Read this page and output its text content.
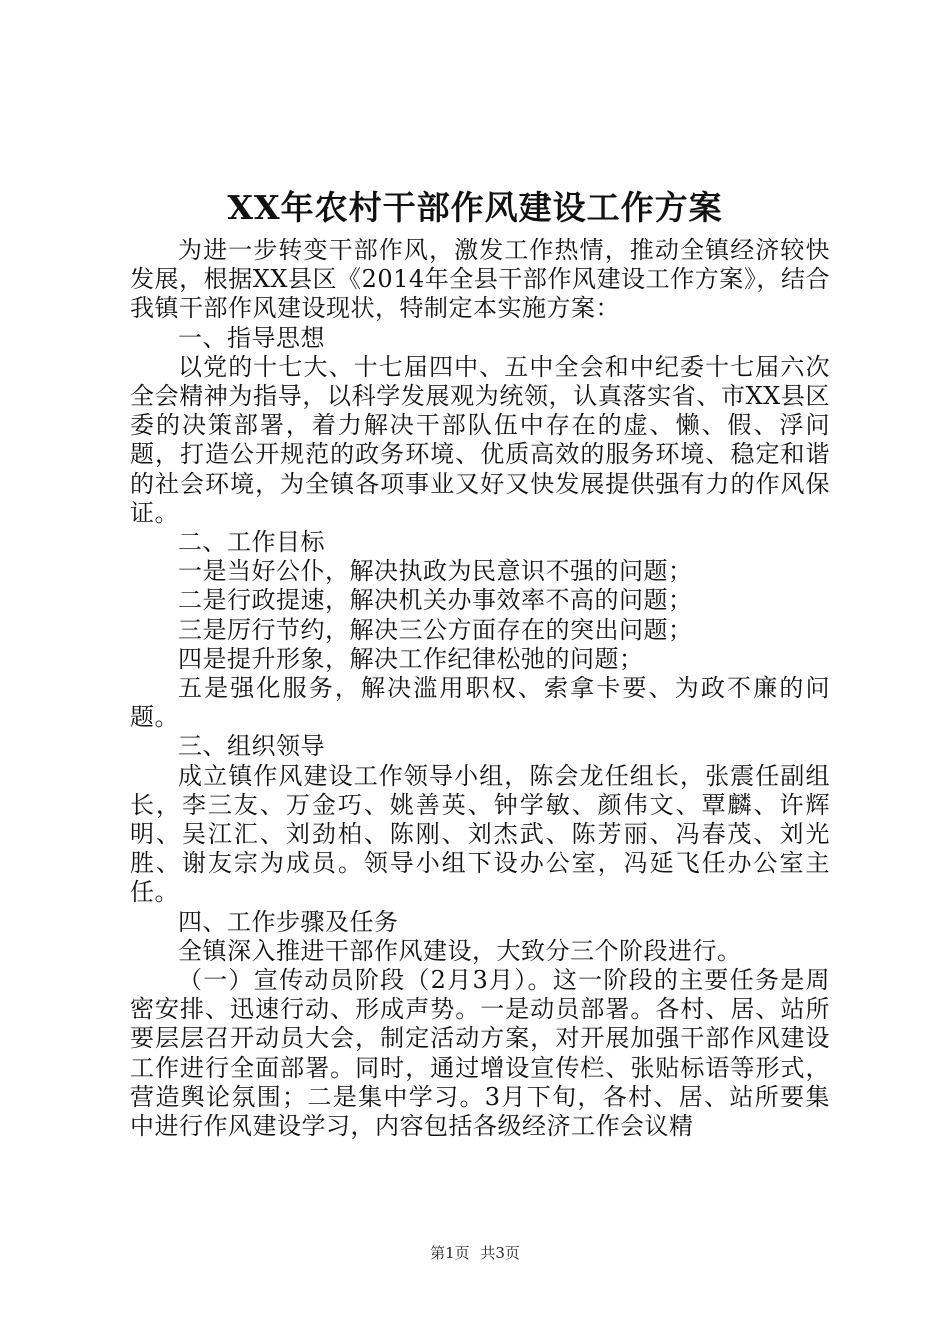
XX年农村干部作风建设工作方案

为进一步转变干部作风，激发工作热情，推动全镇经济较快发展，根据XX县区《2014年全县干部作风建设工作方案》，结合我镇干部作风建设现状，特制定本实施方案：

一、指导思想

以党的十七大、十七届四中、五中全会和中纪委十七届六次全会精神为指导，以科学发展观为统领，认真落实省、市XX县区委的决策部署，着力解决干部队伍中存在的虚、懒、假、浮问题，打造公开规范的政务环境、优质高效的服务环境、稳定和谐的社会环境，为全镇各项事业又好又快发展提供强有力的作风保证。

二、工作目标

一是当好公仆，解决执政为民意识不强的问题；

二是行政提速，解决机关办事效率不高的问题；

三是厉行节约，解决三公方面存在的突出问题；

四是提升形象，解决工作纪律松弛的问题；

五是强化服务，解决滥用职权、索拿卡要、为政不廉的问题。

三、组织领导

成立镇作风建设工作领导小组，陈会龙任组长，张震任副组长，李三友、万金巧、姚善英、钟学敏、颜伟文、覃麟、许辉明、吴江汇、刘劲柏、陈刚、刘杰武、陈芳丽、冯春茂、刘光胜、谢友宗为成员。领导小组下设办公室，冯延飞任办公室主任。

四、工作步骤及任务

全镇深入推进干部作风建设，大致分三个阶段进行。

（一）宣传动员阶段（2月3月）。这一阶段的主要任务是周密安排、迅速行动、形成声势。一是动员部署。各村、居、站所要层层召开动员大会，制定活动方案，对开展加强干部作风建设工作进行全面部署。同时，通过增设宣传栏、张贴标语等形式，营造舆论氛围；二是集中学习。3月下旬，各村、居、站所要集中进行作风建设学习，内容包括各级经济工作会议精

第1页 共3页
